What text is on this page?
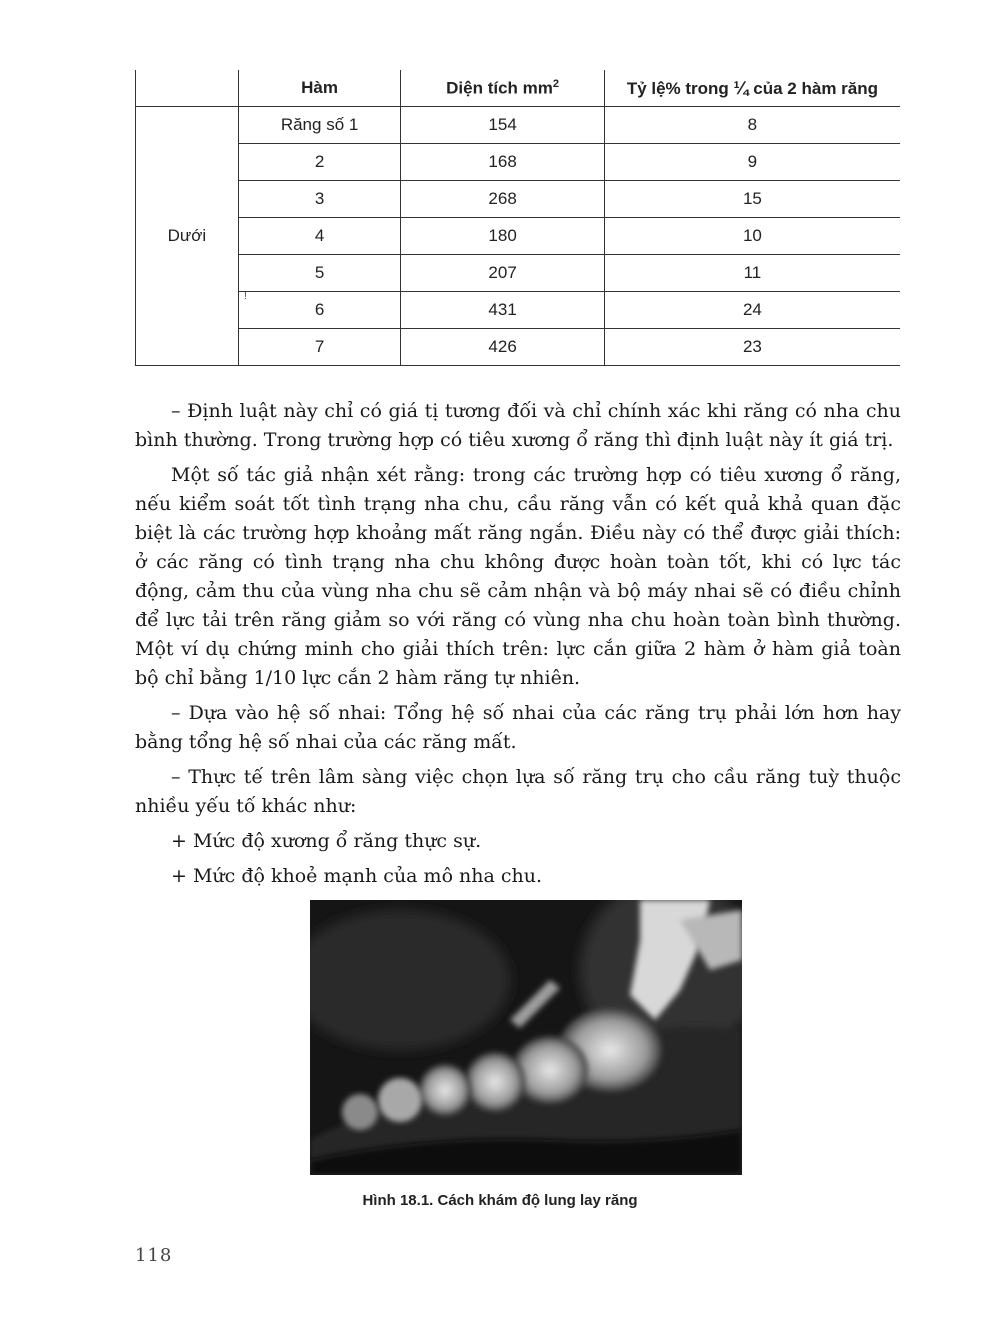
	Hàm	Diện tích $mm^2$	Tỷ lệ% trong ¼ của 2 hàm răng
Dưới	Răng số 1	154	8
	2	168	9
	3	268	15
	4	180	10
	5	207	11
	6	431	24
	7	426	23
!

– Định luật này chỉ có giá tị tương đối và chỉ chính xác khi răng có nha chu bình thường. Trong trường hợp có tiêu xương ổ răng thì định luật này ít giá trị.

Một số tác giả nhận xét rằng: trong các trường hợp có tiêu xương ổ răng, nếu kiểm soát tốt tình trạng nha chu, cầu răng vẫn có kết quả khả quan đặc biệt là các trường hợp khoảng mất răng ngắn. Điều này có thể được giải thích: ở các răng có tình trạng nha chu không được hoàn toàn tốt, khi có lực tác động, cảm thu của vùng nha chu sẽ cảm nhận và bộ máy nhai sẽ có điều chỉnh để lực tải trên răng giảm so với răng có vùng nha chu hoàn toàn bình thường. Một ví dụ chứng minh cho giải thích trên: lực cắn giữa 2 hàm ở hàm giả toàn bộ chỉ bằng 1/10 lực cắn 2 hàm răng tự nhiên.

– Dựa vào hệ số nhai: Tổng hệ số nhai của các răng trụ phải lớn hơn hay bằng tổng hệ số nhai của các răng mất.

– Thực tế trên lâm sàng việc chọn lựa số răng trụ cho cầu răng tuỳ thuộc nhiều yếu tố khác như:

+ Mức độ xương ổ răng thực sự.

+ Mức độ khoẻ mạnh của mô nha chu.

Hình 18.1. Cách khám độ lung lay răng
118
